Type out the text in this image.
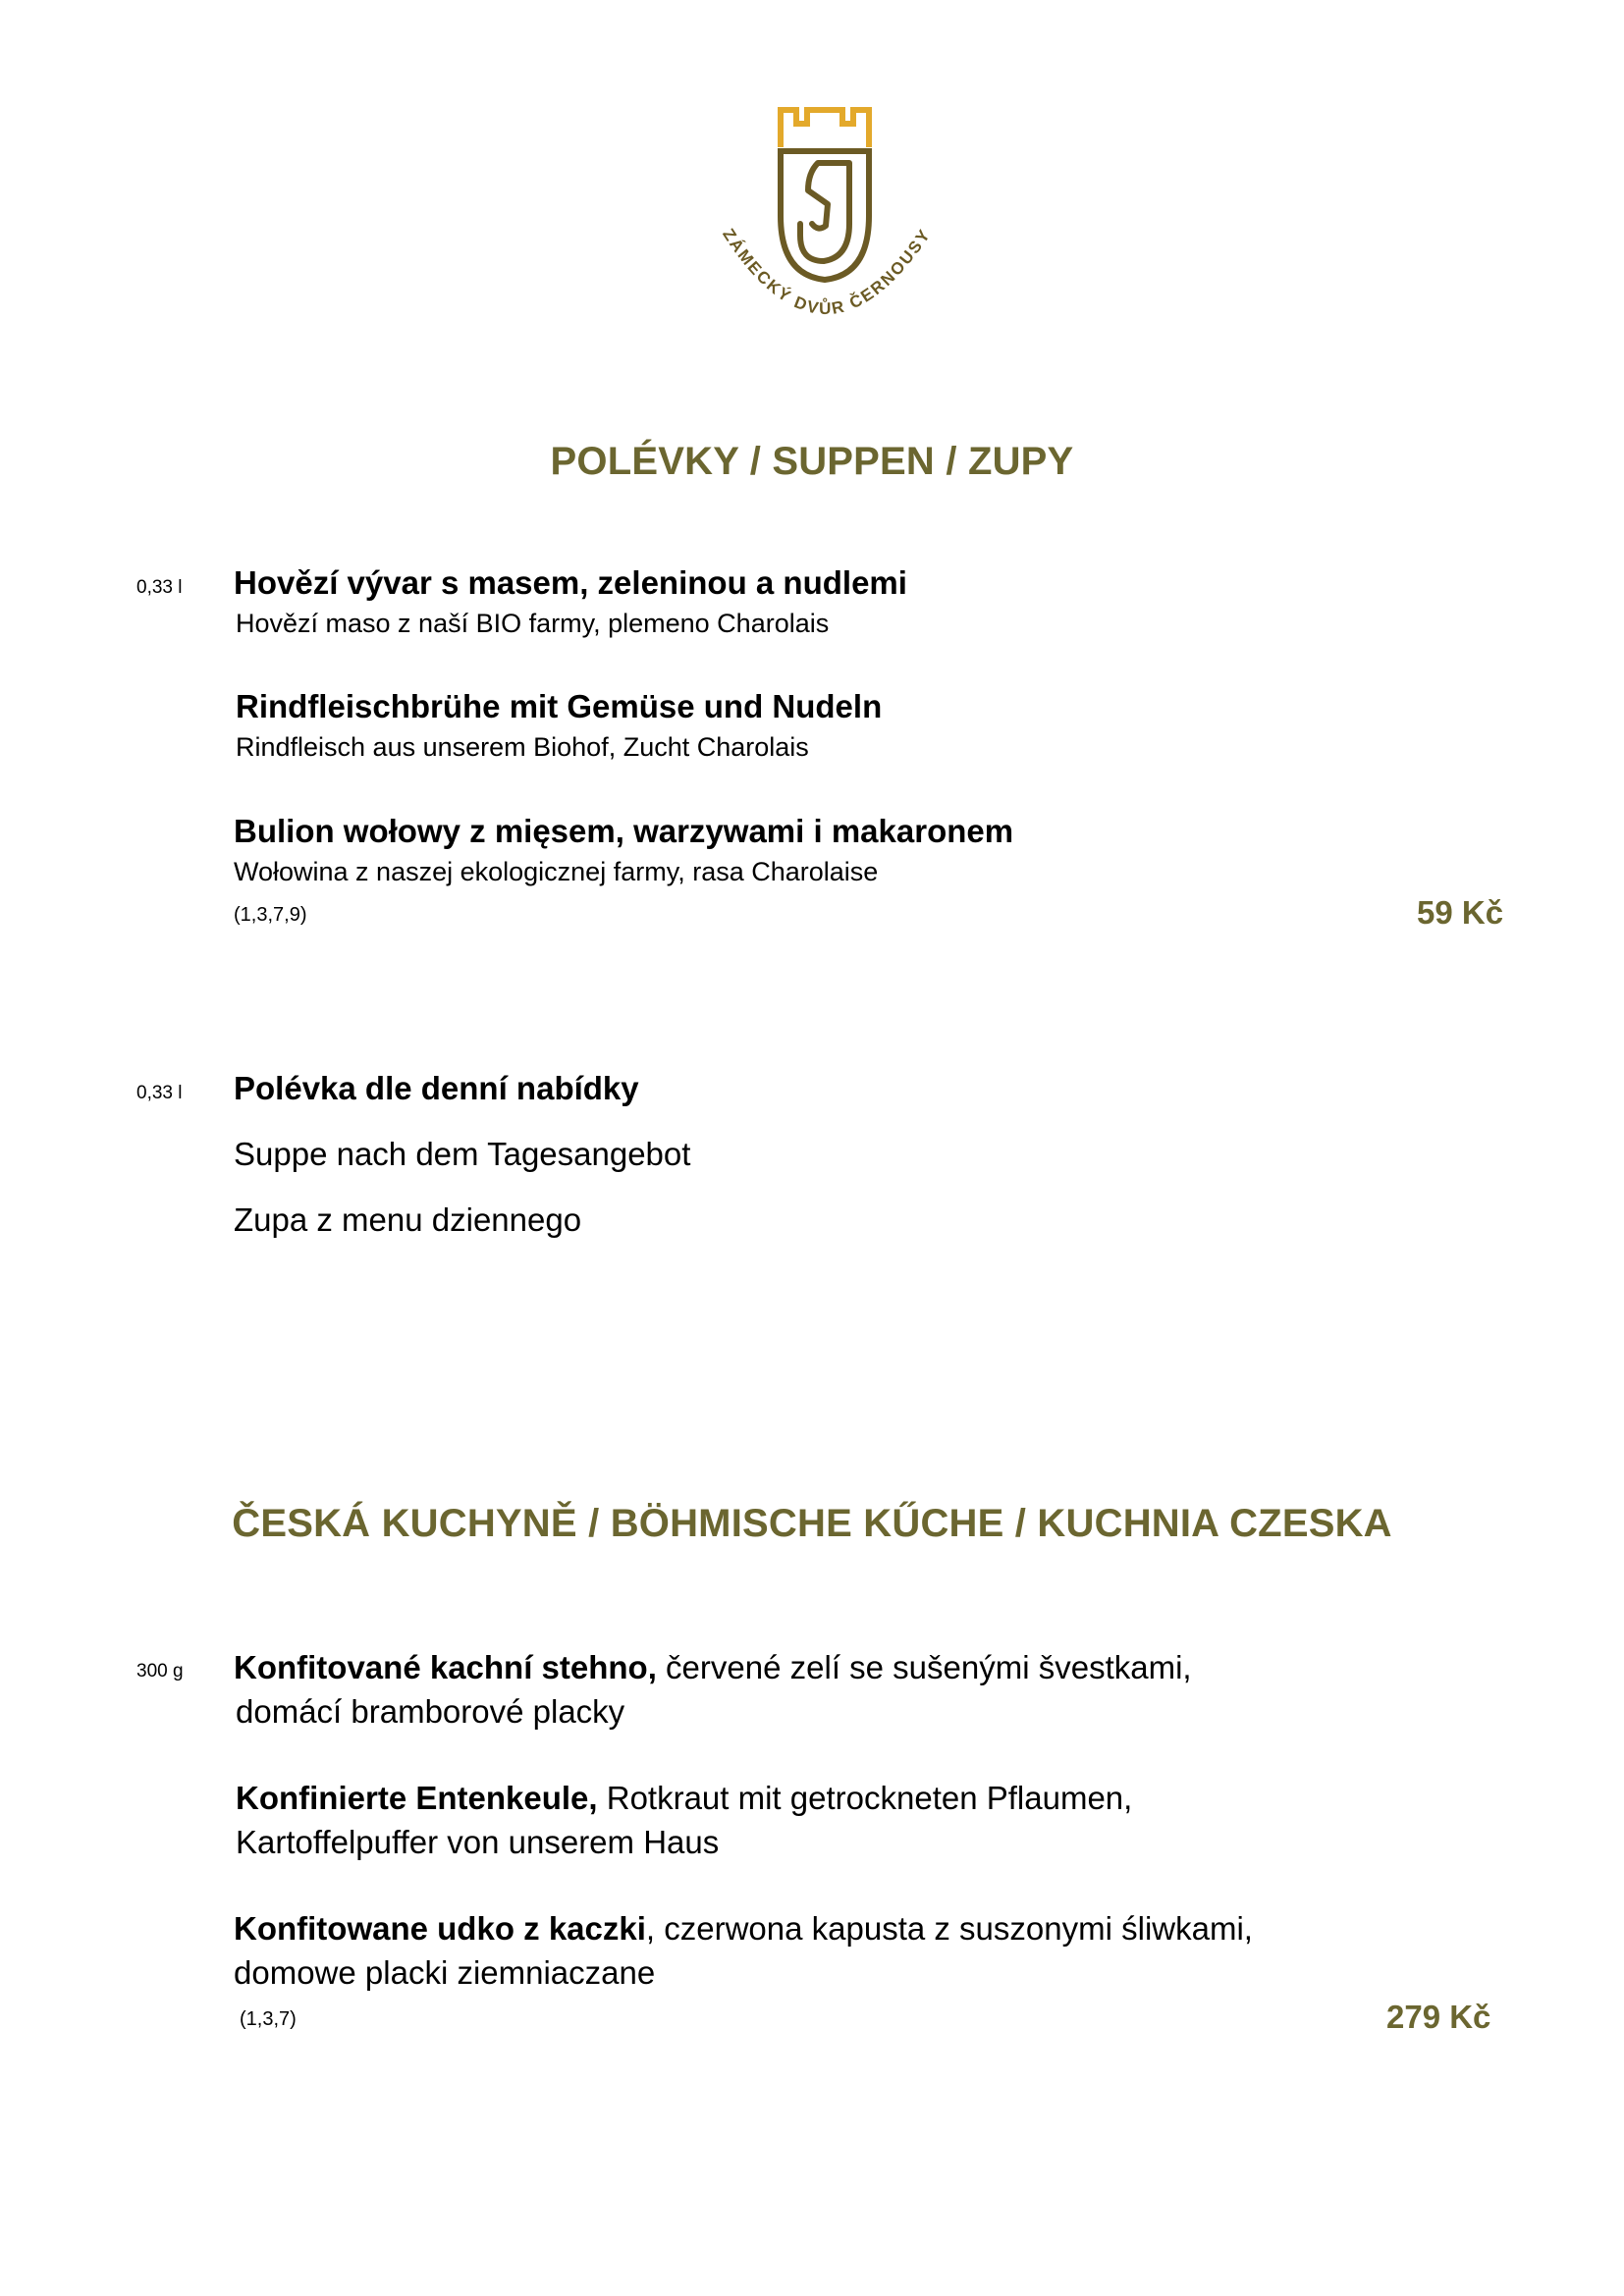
ZÁMECKÝ DVŮR ČERNOUSY
POLÉVKY / SUPPEN / ZUPY
0,33 l Hovězí vývar s masem, zeleninou a nudlemi
Hovězí maso z naší BIO farmy, plemeno Charolais
Rindfleischbrühe mit Gemüse und Nudeln
Rindfleisch aus unserem Biohof, Zucht Charolais
Bulion wołowy z mięsem, warzywami i makaronem
Wołowina z naszej ekologicznej farmy, rasa Charolaise
(1,3,7,9)	59 Kč
0,33 l Polévka dle denní nabídky
Suppe nach dem Tagesangebot
Zupa z menu dziennego
ČESKÁ KUCHYNĚ / BÖHMISCHE KŰCHE / KUCHNIA CZESKA
300 g Konfitované kachní stehno, červené zelí se sušenými švestkami,
domácí bramborové placky
Konfinierte Entenkeule, Rotkraut mit getrockneten Pflaumen,
Kartoffelpuffer von unserem Haus
Konfitowane udko z kaczki, czerwona kapusta z suszonymi śliwkami,
domowe placki ziemniaczane
(1,3,7)	279 Kč
